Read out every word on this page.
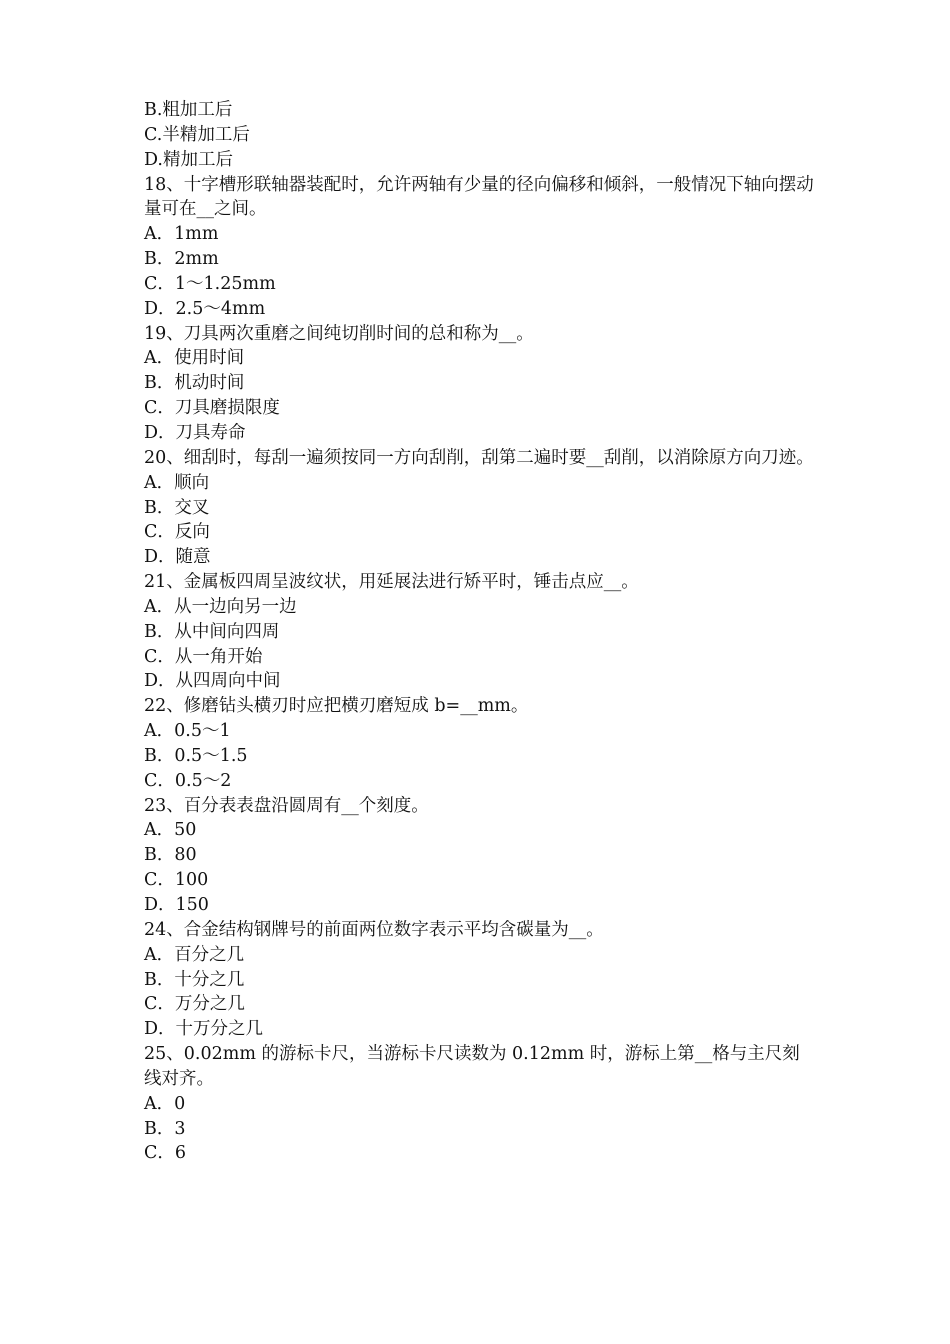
B.粗加工后
C.半精加工后
D.精加工后
18、十字槽形联轴器装配时，允许两轴有少量的径向偏移和倾斜，一般情况下轴向摆动量可在__之间。
A．1mm
B．2mm
C．1～1.25mm
D．2.5～4mm
19、刀具两次重磨之间纯切削时间的总和称为__。
A．使用时间
B．机动时间
C．刀具磨损限度
D．刀具寿命
20、细刮时，每刮一遍须按同一方向刮削，刮第二遍时要__刮削，以消除原方向刀迹。
A．顺向
B．交叉
C．反向
D．随意
21、金属板四周呈波纹状，用延展法进行矫平时，锤击点应__。
A．从一边向另一边
B．从中间向四周
C．从一角开始
D．从四周向中间
22、修磨钻头横刃时应把横刃磨短成 b=__mm。
A．0.5～1
B．0.5～1.5
C．0.5～2
23、百分表表盘沿圆周有__个刻度。
A．50
B．80
C．100
D．150
24、合金结构钢牌号的前面两位数字表示平均含碳量为__。
A．百分之几
B．十分之几
C．万分之几
D．十万分之几
25、0.02mm 的游标卡尺，当游标卡尺读数为 0.12mm 时，游标上第__格与主尺刻线对齐。
A．0
B．3
C．6
